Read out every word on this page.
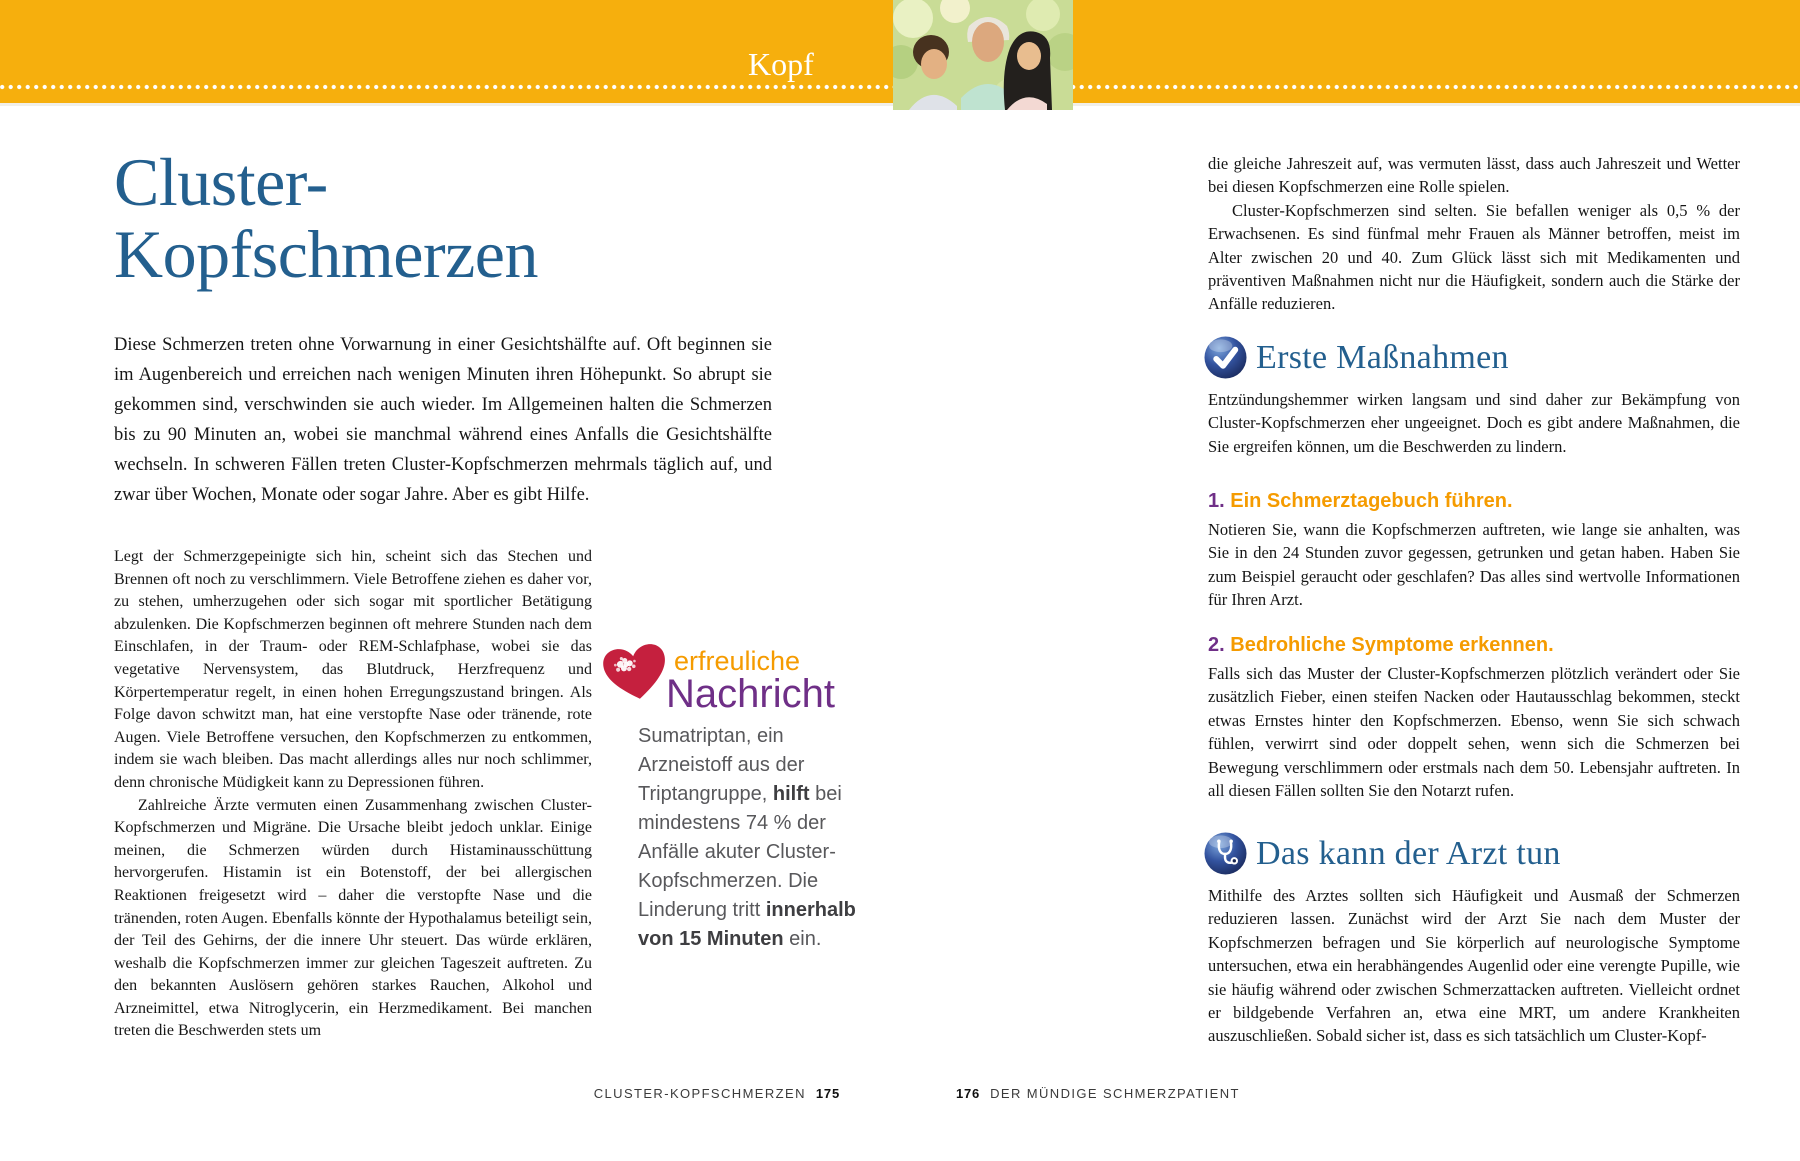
Kopf
Cluster-
Kopfschmerzen
Diese Schmerzen treten ohne Vorwarnung in einer Gesichtshälfte auf. Oft beginnen sie im Augenbereich und erreichen nach wenigen Minuten ihren Höhepunkt. So abrupt sie gekommen sind, verschwinden sie auch wieder. Im Allgemeinen halten die Schmerzen bis zu 90 Minuten an, wobei sie manchmal während eines Anfalls die Gesichtshälfte wechseln. In schweren Fällen treten Cluster-Kopfschmerzen mehrmals täglich auf, und zwar über Wochen, Monate oder sogar Jahre. Aber es gibt Hilfe.

Legt der Schmerzgepeinigte sich hin, scheint sich das Stechen und Brennen oft noch zu verschlimmern. Viele Betroffene ziehen es daher vor, zu stehen, umherzugehen oder sich sogar mit sportlicher Betätigung abzulenken. Die Kopfschmerzen beginnen oft mehrere Stunden nach dem Einschlafen, in der Traum- oder REM-Schlafphase, wobei sie das vegetative Nervensystem, das Blutdruck, Herzfrequenz und Körpertemperatur regelt, in einen hohen Erregungszustand bringen. Als Folge davon schwitzt man, hat eine verstopfte Nase oder tränende, rote Augen. Viele Betroffene versuchen, den Kopfschmerzen zu entkommen, indem sie wach bleiben. Das macht allerdings alles nur noch schlimmer, denn chronische Müdigkeit kann zu Depressionen führen.

Zahlreiche Ärzte vermuten einen Zusammenhang zwischen Cluster-Kopfschmerzen und Migräne. Die Ursache bleibt jedoch unklar. Einige meinen, die Schmerzen würden durch Histaminausschüttung hervorgerufen. Histamin ist ein Botenstoff, der bei allergischen Reaktionen freigesetzt wird – daher die verstopfte Nase und die tränenden, roten Augen. Ebenfalls könnte der Hypothalamus beteiligt sein, der Teil des Gehirns, der die innere Uhr steuert. Das würde erklären, weshalb die Kopfschmerzen immer zur gleichen Tageszeit auftreten. Zu den bekannten Auslösern gehören starkes Rauchen, Alkohol und Arzneimittel, etwa Nitroglycerin, ein Herzmedikament. Bei manchen treten die Beschwerden stets um

erfreuliche
Nachricht
Sumatriptan, ein Arzneistoff aus der Triptangruppe, hilft bei mindestens 74 % der Anfälle akuter Cluster-Kopfschmerzen. Die Linderung tritt innerhalb von 15 Minuten ein.

die gleiche Jahreszeit auf, was vermuten lässt, dass auch Jahreszeit und Wetter bei diesen Kopfschmerzen eine Rolle spielen.

Cluster-Kopfschmerzen sind selten. Sie befallen weniger als 0,5 % der Erwachsenen. Es sind fünfmal mehr Frauen als Männer betroffen, meist im Alter zwischen 20 und 40. Zum Glück lässt sich mit Medikamenten und präventiven Maßnahmen nicht nur die Häufigkeit, sondern auch die Stärke der Anfälle reduzieren.

Erste Maßnahmen
Entzündungshemmer wirken langsam und sind daher zur Bekämpfung von Cluster-Kopfschmerzen eher ungeeignet. Doch es gibt andere Maßnahmen, die Sie ergreifen können, um die Beschwerden zu lindern.
1. Ein Schmerztagebuch führen.
Notieren Sie, wann die Kopfschmerzen auftreten, wie lange sie anhalten, was Sie in den 24 Stunden zuvor gegessen, getrunken und getan haben. Haben Sie zum Beispiel geraucht oder geschlafen? Das alles sind wertvolle Informationen für Ihren Arzt.
2. Bedrohliche Symptome erkennen.
Falls sich das Muster der Cluster-Kopfschmerzen plötzlich verändert oder Sie zusätzlich Fieber, einen steifen Nacken oder Hautausschlag bekommen, steckt etwas Ernstes hinter den Kopfschmerzen. Ebenso, wenn Sie sich schwach fühlen, verwirrt sind oder doppelt sehen, wenn sich die Schmerzen bei Bewegung verschlimmern oder erstmals nach dem 50. Lebensjahr auftreten. In all diesen Fällen sollten Sie den Notarzt rufen.
Das kann der Arzt tun
Mithilfe des Arztes sollten sich Häufigkeit und Ausmaß der Schmerzen reduzieren lassen. Zunächst wird der Arzt Sie nach dem Muster der Kopfschmerzen befragen und Sie körperlich auf neurologische Symptome untersuchen, etwa ein herabhängendes Augenlid oder eine verengte Pupille, wie sie häufig während oder zwischen Schmerzattacken auftreten. Vielleicht ordnet er bildgebende Verfahren an, etwa eine MRT, um andere Krankheiten auszuschließen. Sobald sicher ist, dass es sich tatsächlich um Cluster-Kopf-
CLUSTER-KOPFSCHMERZEN 175	176 DER MÜNDIGE SCHMERZPATIENT
